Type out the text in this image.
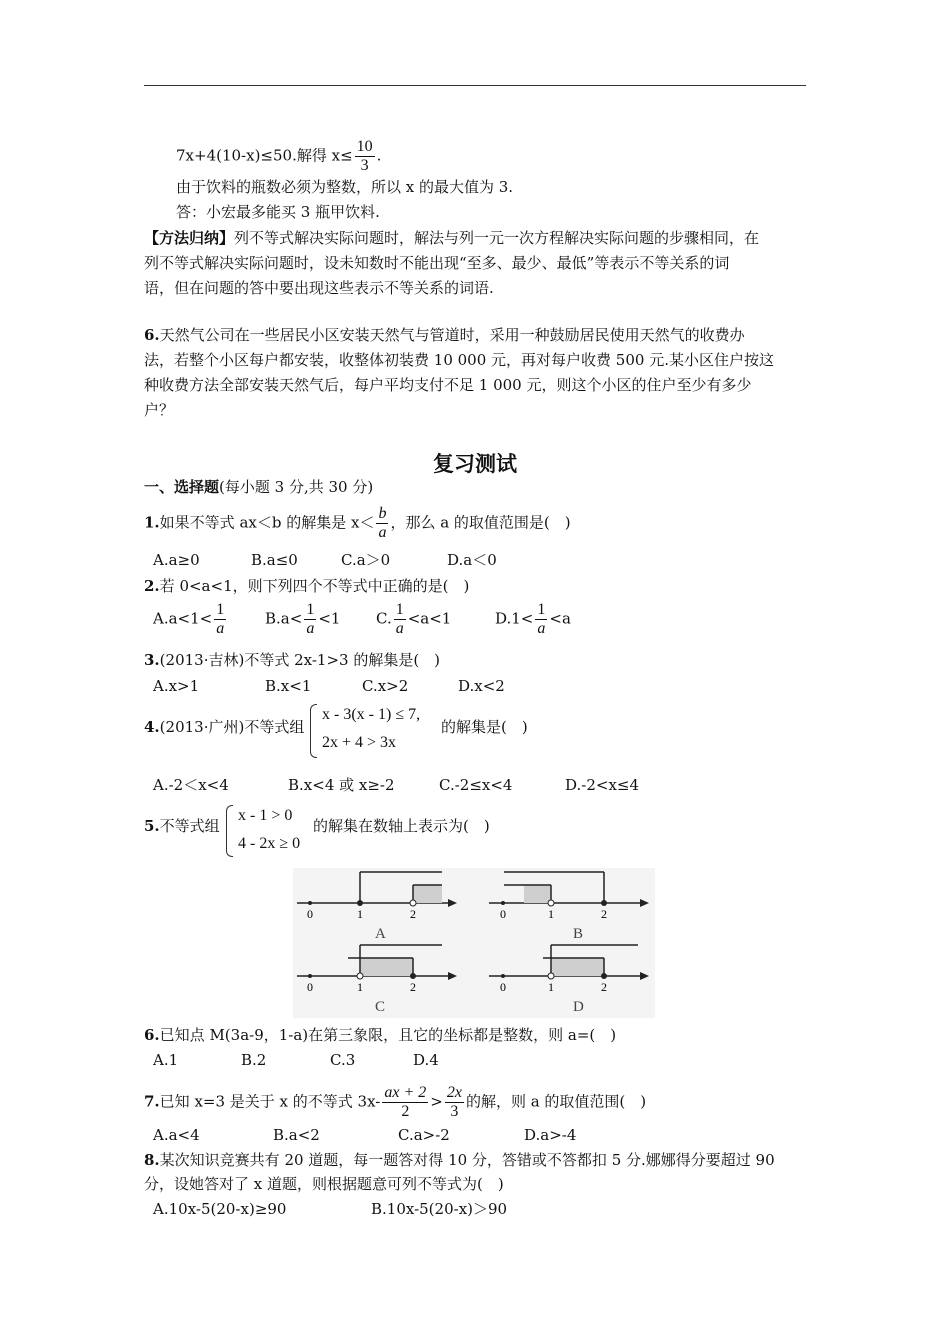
7x+4(10-x)≤50.解得 $x\le \frac{10}{3}$ .
由于饮料的瓶数必须为整数，所以 x 的最大值为 3.
答：小宏最多能买 3 瓶甲饮料.
【方法归纳】列不等式解决实际问题时，解法与列一元一次方程解决实际问题的步骤相同，在
列不等式解决实际问题时，设未知数时不能出现“至多、最少、最低”等表示不等关系的词
语，但在问题的答中要出现这些表示不等关系的词语.
6.天然气公司在一些居民小区安装天然气与管道时，采用一种鼓励居民使用天然气的收费办
法，若整个小区每户都安装，收整体初装费 10 000 元，再对每户收费 500 元.某小区住户按这
种收费方法全部安装天然气后，每户平均支付不足 1 000 元，则这个小区的住户至少有多少
户？
复习测试
一、选择题(每小题 3 分,共 30 分)
1.如果不等式 ax＜b 的解集是 $x< \frac{b}{a}$ ，那么 a 的取值范围是(　)
A.a≥0	B.a≤0	C.a＞0	D.a＜0
2.若 0<a<1，则下列四个不等式中正确的是(　)
$A.a<1< \frac{1}{a}$	$B.a< \frac{1}{a} <1$ C. $\frac{1}{a} <a<1$	$D.1< \frac{1}{a} <a$
3.(2013·吉林)不等式 2x-1>3 的解集是(　)
A.x>1	B.x<1	C.x>2	D.x<2
4.(2013·广州)不等式组
x - 3(x - 1) ≤ 7,
2x + 4 > 3x
的解集是(　)
A.-2＜x<4	B.x<4 或 x≥-2	C.-2≤x<4	D.-2<x≤4
5.不等式组
x - 1 > 0
4 - 2x ≥ 0
的解集在数轴上表示为(　)
0	1	2
A
0	1	2
B
0	1	2
C
0	1	2
D
6.已知点 M(3a-9，1-a)在第三象限，且它的坐标都是整数，则 a=(　)
A.1	B.2	C.3	D.4
7.已知 x=3 是关于 x 的不等式 $3x- \frac{ax + 2}{2} > \frac{2x}{3}$ 的解，则 a 的取值范围(　)
A.a<4	B.a<2	C.a>-2	D.a>-4
8.某次知识竞赛共有 20 道题，每一题答对得 10 分，答错或不答都扣 5 分.娜娜得分要超过 90
分，设她答对了 x 道题，则根据题意可列不等式为(　)
A.10x-5(20-x)≥90	B.10x-5(20-x)＞90
